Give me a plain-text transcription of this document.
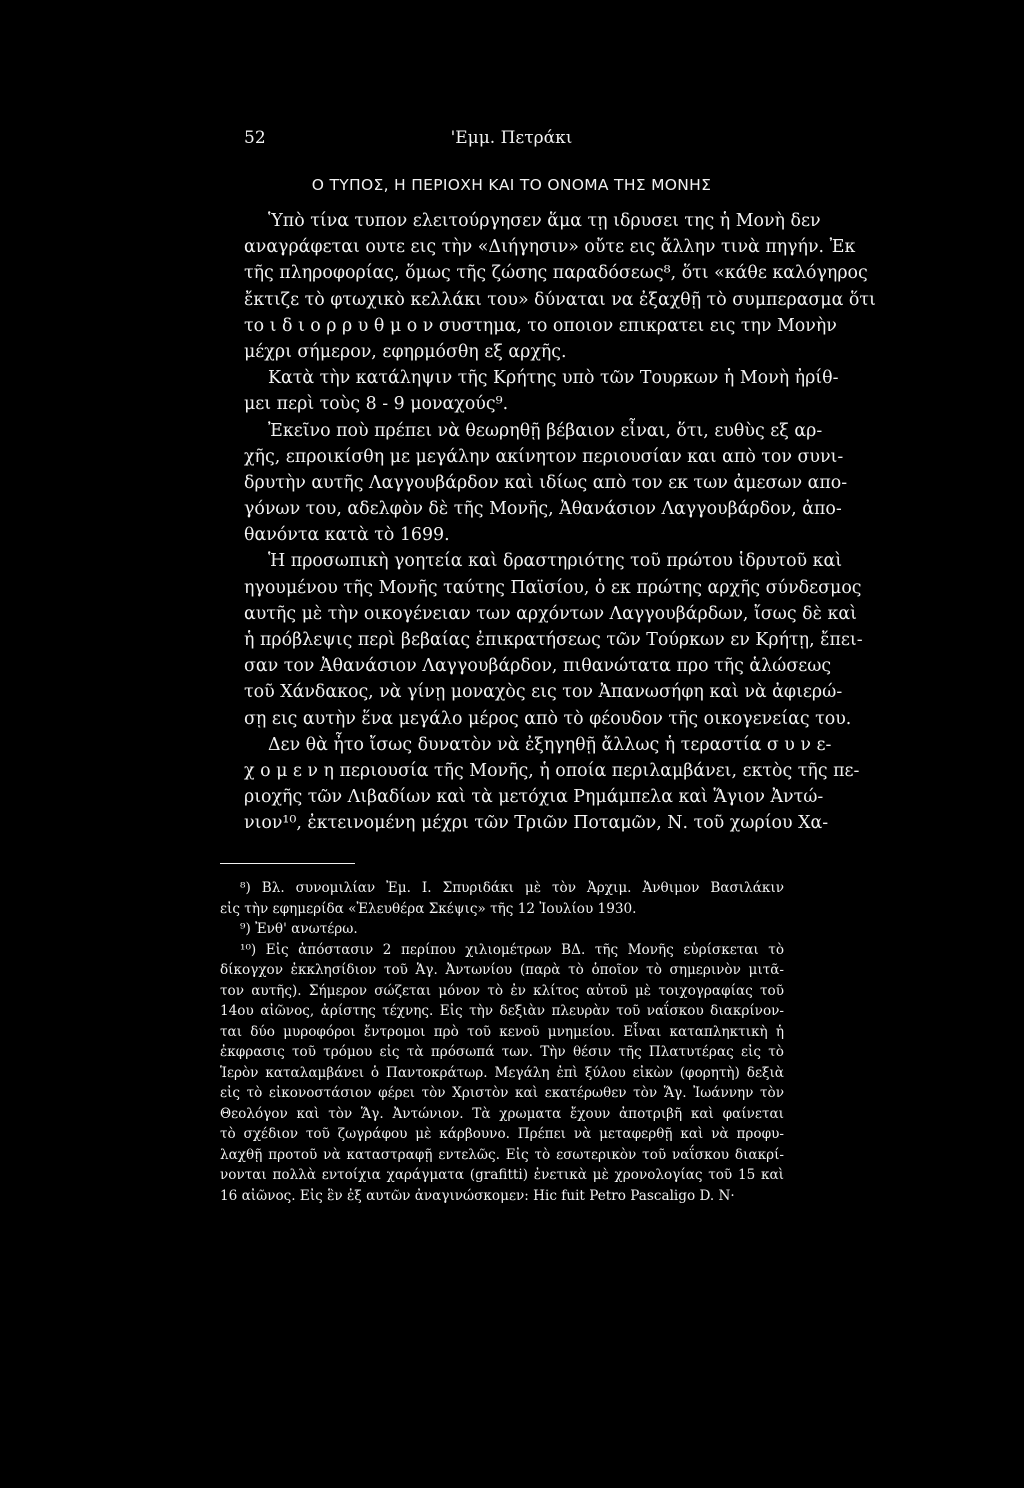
52	'Εμμ. Πετράκι
Ο ΤΥΠΟΣ, Η ΠΕΡΙΟΧΗ ΚΑΙ ΤΟ ΟΝΟΜΑ ΤΗΣ ΜΟΝΗΣ
Ὑπὸ τίνα τυπον ελειτούργησεν ἅμα τῃ ιδρυσει της ἡ Μονὴ δεν
αναγράφεται ουτε εις τὴν «Διήγησιν» οὔτε εις ἄλλην τινὰ πηγήν. Ἐκ
τῆς πληροφορίας, ὅμως τῆς ζώσης παραδόσεως⁸, ὅτι «κάθε καλόγηρος
ἔκτιζε τὸ φτωχικὸ κελλάκι του» δύναται να ἐξαχθῇ τὸ συμπερασμα ὅτι
το ι δ ι ο ρ ρ υ θ μ ο ν συστημα, το οποιον επικρατει εις την Μονὴν
μέχρι σήμερον, εφηρμόσθη εξ αρχῆς.
Κατὰ τὴν κατάληψιν τῆς Κρήτης υπὸ τῶν Τουρκων ἡ Μονὴ ἠρίθ-
μει περὶ τοὺς 8 - 9 μοναχούς⁹.
Ἐκεῖνο ποὺ πρέπει νὰ θεωρηθῇ βέβαιον εἶναι, ὅτι, ευθὺς εξ αρ-
χῆς, επροικίσθη με μεγάλην ακίνητον περιουσίαν και απὸ τον συνι-
δρυτὴν αυτῆς Λαγγουβάρδον καὶ ιδίως απὸ τον εκ των ἀμεσων απο-
γόνων του, αδελφὸν δὲ τῆς Μονῆς, Ἀθανάσιον Λαγγουβάρδον, ἀπο-
θανόντα κατὰ τὸ 1699.
Ἡ προσωπικὴ γοητεία καὶ δραστηριότης τοῦ πρώτου ἱδρυτοῦ καὶ
ηγουμένου τῆς Μονῆς ταύτης Παϊσίου, ὁ εκ πρώτης αρχῆς σύνδεσμος
αυτῆς μὲ τὴν οικογένειαν των αρχόντων Λαγγουβάρδων, ἴσως δὲ καὶ
ἡ πρόβλεψις περὶ βεβαίας ἐπικρατήσεως τῶν Τούρκων εν Κρήτῃ, ἔπει-
σαν τον Ἀθανάσιον Λαγγουβάρδον, πιθανώτατα προ τῆς ἁλώσεως
τοῦ Χάνδακος, νὰ γίνῃ μοναχὸς εις τον Ἀπανωσήφη καὶ νὰ ἀφιερώ-
σῃ εις αυτὴν ἕνα μεγάλο μέρος απὸ τὸ φέουδον τῆς οικογενείας του.
Δεν θὰ ἦτο ἴσως δυνατὸν νὰ ἐξηγηθῇ ἄλλως ἡ τεραστία σ υ ν ε-
χ ο μ ε ν η περιουσία τῆς Μονῆς, ἡ οποία περιλαμβάνει, εκτὸς τῆς πε-
ριοχῆς τῶν Λιβαδίων καὶ τὰ μετόχια Ρημάμπελα καὶ Ἅγιον Ἀντώ-
νιον¹⁰, ἐκτεινομένη μέχρι τῶν Τριῶν Ποταμῶν, Ν. τοῦ χωρίου Χα-
⁸) Βλ. συνομιλίαν Ἐμ. Ι. Σπυριδάκι μὲ τὸν Ἀρχιμ. Ἀνθιμον Βασιλάκιν
εἰς τὴν εφημερίδα «Ἐλευθέρα Σκέψις» τῆς 12 Ἰουλίου 1930.
⁹) Ἐνθ' ανωτέρω.
¹⁰) Εἰς ἀπόστασιν 2 περίπου χιλιομέτρων ΒΔ. τῆς Μονῆς εὑρίσκεται τὸ
δίκογχον ἐκκλησίδιον τοῦ Ἁγ. Ἀντωνίου (παρὰ τὸ ὁποῖον τὸ σημερινὸν μιτᾶ-
τον αυτῆς). Σήμερον σώζεται μόνον τὸ ἐν κλίτος αὐτοῦ μὲ τοιχογραφίας τοῦ
14ου αἰῶνος, ἀρίστης τέχνης. Εἰς τὴν δεξιὰν πλευρὰν τοῦ ναΐσκου διακρίνον-
ται δύο μυροφόροι ἔντρομοι πρὸ τοῦ κενοῦ μνημείου. Εἶναι καταπληκτικὴ ἡ
ἐκφρασις τοῦ τρόμου εἰς τὰ πρόσωπά των. Τὴν θέσιν τῆς Πλατυτέρας εἰς τὸ
Ἱερὸν καταλαμβάνει ὁ Παντοκράτωρ. Μεγάλη ἐπὶ ξύλου εἰκὼν (φορητὴ) δεξιὰ
εἰς τὸ εἰκονοστάσιον φέρει τὸν Χριστὸν καὶ εκατέρωθεν τὸν Ἅγ. Ἰωάννην τὸν
Θεολόγον καὶ τὸν Ἅγ. Ἀντώνιον. Τὰ χρωματα ἔχουν ἀποτριβῆ καὶ φαίνεται
τὸ σχέδιον τοῦ ζωγράφου μὲ κάρβουνο. Πρέπει νὰ μεταφερθῇ καὶ νὰ προφυ-
λαχθῇ προτοῦ νὰ καταστραφῇ εντελῶς. Εἰς τὸ εσωτερικὸν τοῦ ναΐσκου διακρί-
νονται πολλὰ εντοίχια χαράγματα (grafitti) ἐνετικὰ μὲ χρονολογίας τοῦ 15 καὶ
16 αἰῶνος. Εἰς ἓν ἐξ αυτῶν ἀναγινώσκομεν: Hic fuit Petro Pascaligo D. N·
